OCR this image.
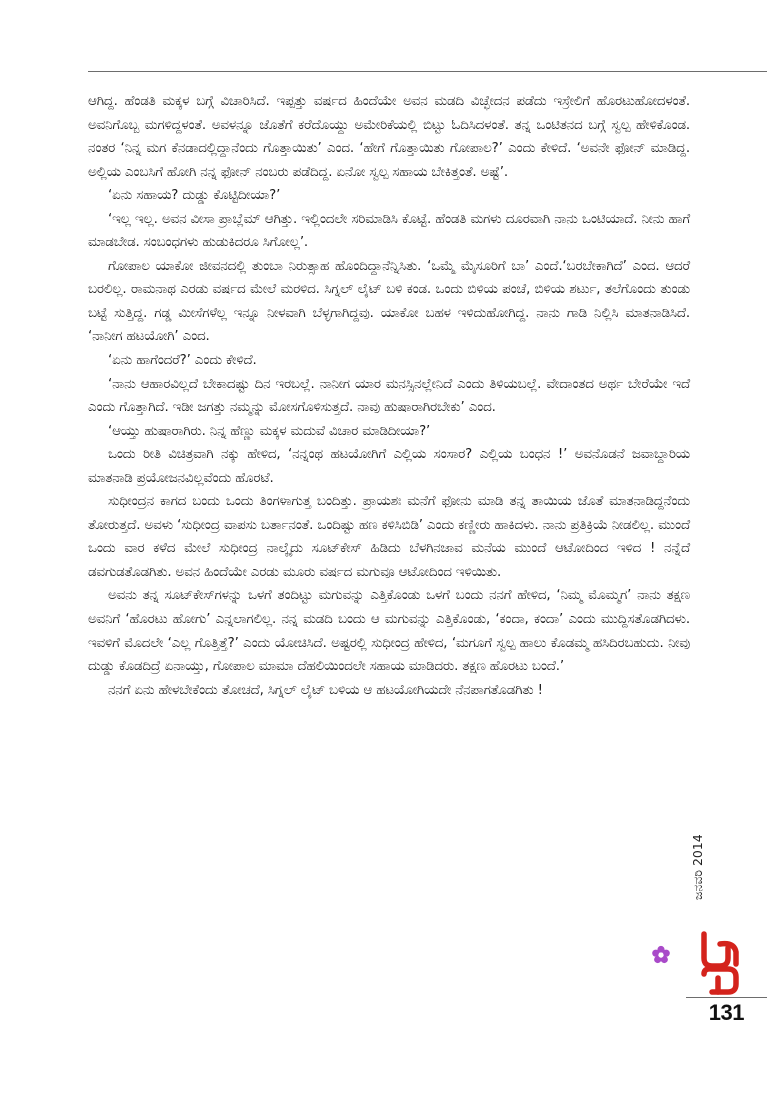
ಆಗಿದ್ದ. ಹೆಂಡತಿ ಮಕ್ಕಳ ಬಗ್ಗೆ ವಿಚಾರಿಸಿದೆ. ಇಪ್ಪತ್ತು ವರ್ಷದ ಹಿಂದೆಯೇ ಅವನ ಮಡದಿ ವಿಚ್ಛೇದನ ಪಡೆದು ಇಸ್ರೇಲಿಗೆ ಹೊರಟುಹೋದಳಂತೆ. ಅವನಿಗೊಬ್ಬ ಮಗಳಿದ್ದಳಂತೆ. ಅವಳನ್ನೂ ಜೊತೆಗೆ ಕರೆದೊಯ್ದು ಅಮೇರಿಕೆಯಲ್ಲಿ ಬಿಟ್ಟು ಓದಿಸಿದಳಂತೆ. ತನ್ನ ಒಂಟಿತನದ ಬಗ್ಗೆ ಸ್ವಲ್ಪ ಹೇಳಿಕೊಂಡ. ನಂತರ ‘ನಿನ್ನ ಮಗ ಕೆನಡಾದಲ್ಲಿದ್ದಾನೆಂದು ಗೊತ್ತಾಯಿತು’ ಎಂದ. ‘ಹೇಗೆ ಗೊತ್ತಾಯಿತು ಗೋಪಾಲ?’ ಎಂದು ಕೇಳಿದೆ. ‘ಅವನೇ ಫೋನ್ ಮಾಡಿದ್ದ. ಅಲ್ಲಿಯ ಎಂಬಸಿಗೆ ಹೋಗಿ ನನ್ನ ಫೋನ್ ನಂಬರು ಪಡೆದಿದ್ದ. ಏನೋ ಸ್ವಲ್ಪ ಸಹಾಯ ಬೇಕಿತ್ತಂತೆ. ಅಷ್ಟೆ’.

‘ಏನು ಸಹಾಯ? ದುಡ್ಡು ಕೊಟ್ಟಿದೀಯಾ?’

‘ಇಲ್ಲ ಇಲ್ಲ. ಅವನ ವೀಸಾ ಪ್ರಾಬ್ಲೆಮ್ ಆಗಿತ್ತು. ಇಲ್ಲಿಂದಲೇ ಸರಿಮಾಡಿಸಿ ಕೊಟ್ಟೆ. ಹೆಂಡತಿ ಮಗಳು ದೂರವಾಗಿ ನಾನು ಒಂಟಿಯಾದೆ. ನೀನು ಹಾಗೆ ಮಾಡಬೇಡ. ಸಂಬಂಧಗಳು ಹುಡುಕಿದರೂ ಸಿಗೋಲ್ಲ’.

ಗೋಪಾಲ ಯಾಕೋ ಜೀವನದಲ್ಲಿ ತುಂಬಾ ನಿರುತ್ಸಾಹ ಹೊಂದಿದ್ದಾನೆನ್ನಿಸಿತು. ‘ಒಮ್ಮೆ ಮೈಸೂರಿಗೆ ಬಾ’ ಎಂದೆ.‘ಬರಬೇಕಾಗಿದೆ’ ಎಂದ. ಆದರೆ ಬರಲಿಲ್ಲ. ರಾಮನಾಥ ಎರಡು ವರ್ಷದ ಮೇಲೆ ಮರಳಿದ. ಸಿಗ್ನಲ್ ಲೈಟ್ ಬಳಿ ಕಂಡ. ಒಂದು ಬಿಳಿಯ ಪಂಚೆ, ಬಿಳಿಯ ಶರ್ಟು, ತಲೆಗೊಂದು ತುಂಡು ಬಟ್ಟೆ ಸುತ್ತಿದ್ದ. ಗಡ್ಡ ಮೀಸೆಗಳೆಲ್ಲ ಇನ್ನೂ ನೀಳವಾಗಿ ಬೆಳ್ಳಗಾಗಿದ್ದವು. ಯಾಕೋ ಬಹಳ ಇಳಿದುಹೋಗಿದ್ದ. ನಾನು ಗಾಡಿ ನಿಲ್ಲಿಸಿ ಮಾತನಾಡಿಸಿದೆ. ‘ನಾನೀಗ ಹಟಯೋಗಿ’ ಎಂದ.

‘ಏನು ಹಾಗೆಂದರೆ?’ ಎಂದು ಕೇಳಿದೆ.

‘ನಾನು ಆಹಾರವಿಲ್ಲದೆ ಬೇಕಾದಷ್ಟು ದಿನ ಇರಬಲ್ಲೆ. ನಾನೀಗ ಯಾರ ಮನಸ್ಸಿನಲ್ಲೇನಿದೆ ಎಂದು ತಿಳಿಯಬಲ್ಲೆ. ವೇದಾಂತದ ಅರ್ಥ ಬೇರೆಯೇ ಇದೆ ಎಂದು ಗೊತ್ತಾಗಿದೆ. ಇಡೀ ಜಗತ್ತು ನಮ್ಮನ್ನು ಮೋಸಗೊಳಿಸುತ್ತದೆ. ನಾವು ಹುಷಾರಾಗಿರಬೇಕು’ ಎಂದ.

‘ಆಯ್ತು ಹುಷಾರಾಗಿರು. ನಿನ್ನ ಹೆಣ್ಣು ಮಕ್ಕಳ ಮದುವೆ ವಿಚಾರ ಮಾಡಿದೀಯಾ?’

ಒಂದು ರೀತಿ ವಿಚಿತ್ರವಾಗಿ ನಕ್ಕು ಹೇಳಿದ, ‘ನನ್ನಂಥ ಹಟಯೋಗಿಗೆ ಎಲ್ಲಿಯ ಸಂಸಾರ? ಎಲ್ಲಿಯ ಬಂಧನ !’ ಅವನೊಡನೆ ಜವಾಬ್ದಾರಿಯ ಮಾತನಾಡಿ ಪ್ರಯೋಜನವಿಲ್ಲವೆಂದು ಹೊರಟೆ.

ಸುಧೀಂದ್ರನ ಕಾಗದ ಬಂದು ಒಂದು ತಿಂಗಳಾಗುತ್ತ ಬಂದಿತ್ತು. ಪ್ರಾಯಶಃ ಮನೆಗೆ ಫೋನು ಮಾಡಿ ತನ್ನ ತಾಯಿಯ ಜೊತೆ ಮಾತನಾಡಿದ್ದನೆಂದು ತೋರುತ್ತದೆ. ಅವಳು ‘ಸುಧೀಂದ್ರ ವಾಪಸು ಬರ್ತಾನಂತೆ. ಒಂದಿಷ್ಟು ಹಣ ಕಳಿಸಿಬಿಡಿ’ ಎಂದು ಕಣ್ಣೀರು ಹಾಕಿದಳು. ನಾನು ಪ್ರತಿಕ್ರಿಯೆ ನೀಡಲಿಲ್ಲ. ಮುಂದೆ ಒಂದು ವಾರ ಕಳೆದ ಮೇಲೆ ಸುಧೀಂದ್ರ ನಾಲ್ಕೈದು ಸೂಟ್‌ಕೇಸ್ ಹಿಡಿದು ಬೆಳಗಿನಜಾವ ಮನೆಯ ಮುಂದೆ ಆಟೋದಿಂದ ಇಳಿದ ! ನನ್ನೆದೆ ಡವಗುಡತೊಡಗಿತು. ಅವನ ಹಿಂದೆಯೇ ಎರಡು ಮೂರು ವರ್ಷದ ಮಗುವೂ ಆಟೋದಿಂದ ಇಳಿಯಿತು.

ಅವನು ತನ್ನ ಸೂಟ್‌ಕೇಸ್‌ಗಳನ್ನು ಒಳಗೆ ತಂದಿಟ್ಟು ಮಗುವನ್ನು ಎತ್ತಿಕೊಂಡು ಒಳಗೆ ಬಂದು ನನಗೆ ಹೇಳಿದ, ‘ನಿಮ್ಮ ಮೊಮ್ಮಗ’ ನಾನು ತಕ್ಷಣ ಅವನಿಗೆ ‘ಹೊರಟು ಹೋಗು’ ಎನ್ನಲಾಗಲಿಲ್ಲ. ನನ್ನ ಮಡದಿ ಬಂದು ಆ ಮಗುವನ್ನು ಎತ್ತಿಕೊಂಡು, ‘ಕಂದಾ, ಕಂದಾ’ ಎಂದು ಮುದ್ದಿಸತೊಡಗಿದಳು. ಇವಳಿಗೆ ಮೊದಲೇ ‘ಎಲ್ಲ ಗೊತ್ತಿತ್ತೆ?’ ಎಂದು ಯೋಚಿಸಿದೆ. ಅಷ್ಟರಲ್ಲಿ ಸುಧೀಂದ್ರ ಹೇಳಿದ, ‘ಮಗೂಗೆ ಸ್ವಲ್ಪ ಹಾಲು ಕೊಡಮ್ಮ ಹಸಿದಿರಬಹುದು. ನೀವು ದುಡ್ಡು ಕೊಡದಿದ್ರೆ ಏನಾಯ್ತು, ಗೋಪಾಲ ಮಾಮಾ ದೆಹಲಿಯಿಂದಲೇ ಸಹಾಯ ಮಾಡಿದರು. ತಕ್ಷಣ ಹೊರಟು ಬಂದೆ.’

ನನಗೆ ಏನು ಹೇಳಬೇಕೆಂದು ತೋಚದೆ, ಸಿಗ್ನಲ್ ಲೈಟ್ ಬಳಿಯ ಆ ಹಟಯೋಗಿಯದೇ ನೆನಪಾಗತೊಡಗಿತು !

ಜನವರಿ 2014
131
